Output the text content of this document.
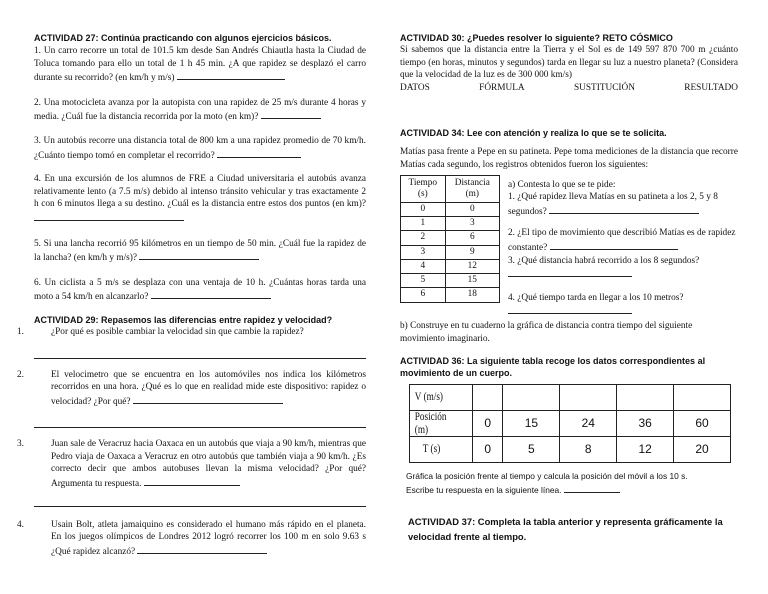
ACTIVIDAD 27: Continúa practicando con algunos ejercicios básicos.

1. Un carro recorre un total de 101.5 km desde San Andrés Chiautla hasta la Ciudad de Toluca tomando para ello un total de 1 h 45 min. ¿A que rapidez se desplazó el carro durante su recorrido? (en km/h y m/s)

2. Una motocicleta avanza por la autopista con una rapidez de 25 m/s durante 4 horas y media. ¿Cuál fue la distancia recorrida por la moto (en km)?

3. Un autobús recorre una distancia total de 800 km a una rapidez promedio de 70 km/h. ¿Cuánto tiempo tomó en completar el recorrido?

4. En una excursión de los alumnos de FRE a Ciudad universitaria el autobús avanza relativamente lento (a 7.5 m/s) debido al intenso tránsito vehicular y tras exactamente 2 h con 6 minutos llega a su destino. ¿Cuál es la distancia entre estos dos puntos (en km)?

5. Si una lancha recorrió 95 kilómetros en un tiempo de 50 min. ¿Cuál fue la rapidez de la lancha? (en km/h y m/s)?

6. Un ciclista a 5 m/s se desplaza con una ventaja de 10 h. ¿Cuántas horas tarda una moto a 54 km/h en alcanzarlo?

ACTIVIDAD 29: Repasemos las diferencias entre rapidez y velocidad?

1.	¿Por qué es posible cambiar la velocidad sin que cambie la rapidez?

2.	El velocimetro que se encuentra en los automóviles nos indica los kilómetros recorridos en una hora. ¿Qué es lo que en realidad mide este dispositivo: rapidez o velocidad? ¿Por qué?

3.	Juan sale de Veracruz hacia Oaxaca en un autobús que viaja a 90 km/h, mientras que Pedro viaja de Oaxaca a Veracruz en otro autobús que también viaja a 90 km/h. ¿Es correcto decir que ambos autobuses llevan la misma velocidad? ¿Por qué? Argumenta tu respuesta.

4.	Usain Bolt, atleta jamaiquino es considerado el humano más rápido en el planeta. En los juegos olímpicos de Londres 2012 logró recorrer los 100 m en solo 9.63 s ¿Qué rapidez alcanzó?

ACTIVIDAD 30: ¿Puedes resolver lo siguiente? RETO CÓSMICO

Si sabemos que la distancia entre la Tierra y el Sol es de 149 597 870 700 m ¿cuánto tiempo (en horas, minutos y segundos) tarda en llegar su luz a nuestro planeta? (Considera que la velocidad de la luz es de 300 000 km/s)

DATOS	FÓRMULA	SUSTITUCIÓN	RESULTADO
ACTIVIDAD 34: Lee con atención y realiza lo que se te solicita.

Matías pasa frente a Pepe en su patineta. Pepe toma mediciones de la distancia que recorre Matías cada segundo, los registros obtenidos fueron los siguientes:

Tiempo
(s)	Distancia
(m)
0	0
1	3
2	6
3	9
4	12
5	15
6	18

a) Contesta lo que se te pide:

1. ¿Qué rapidez lleva Matías en su patineta a los 2, 5 y 8 segundos?

2. ¿El tipo de movimiento que describió Matías es de rapidez constante?

3. ¿Qué distancia habrá recorrido a los 8 segundos?

4. ¿Qué tiempo tarda en llegar a los 10 metros?

b) Construye en tu cuaderno la gráfica de distancia contra tiempo del siguiente movimiento imaginario.

ACTIVIDAD 36: La siguiente tabla recoge los datos correspondientes al movimiento de un cuerpo.
V (m/s)					

Posición (m)	0	15	24	36	60

T (s)	0	5	8	12	20
Gráfica la posición frente al tiempo y calcula la posición del móvil a los 10 s.
Escribe tu respuesta en la siguiente línea.
ACTIVIDAD 37: Completa la tabla anterior y representa gráficamente la velocidad frente al tiempo.
